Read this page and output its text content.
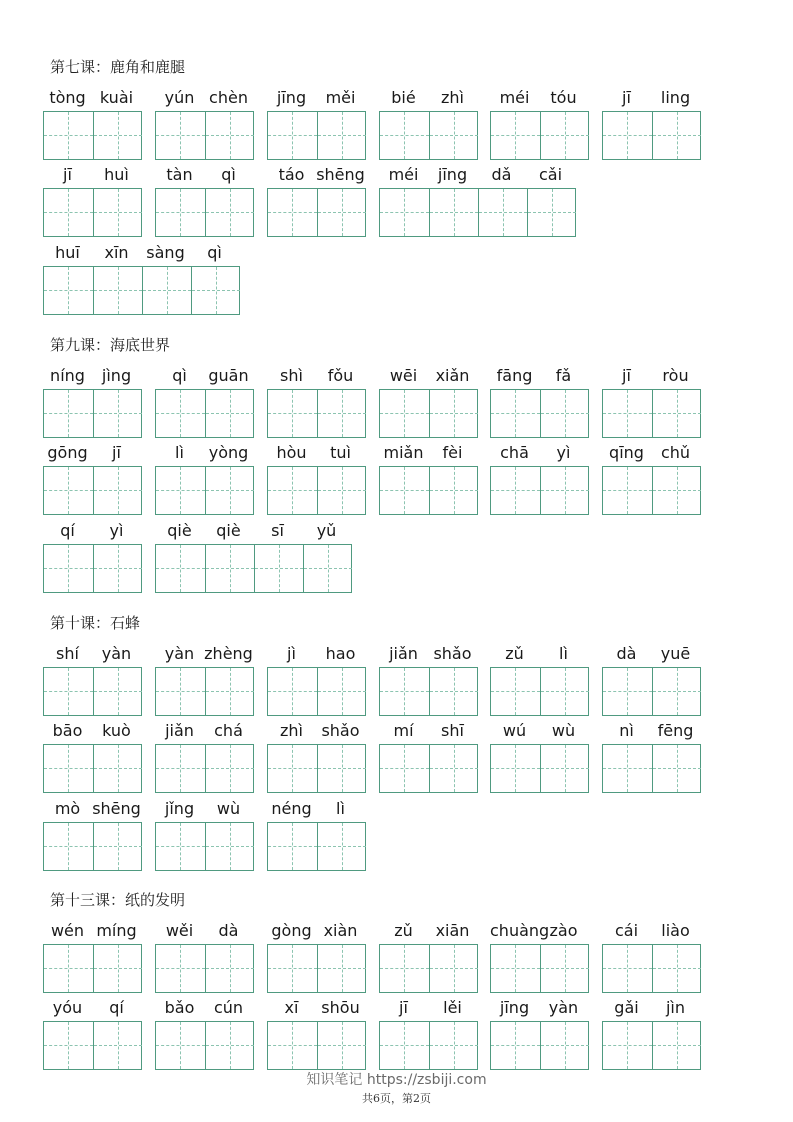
第七课：鹿角和鹿腿
tòng kuài	yún chèn	jīng	měi	bié	zhì	méi	tóu	jī	ling
jī	huì	tàn	qì	táo shēng	méi	jīng	dǎ	cǎi
huī	xīn	sàng	qì
第九课：海底世界
níng	jìng	qì	guān	shì	fǒu	wēi	xiǎn	fāng	fǎ	jī	ròu
gōng	jī	lì	yòng	hòu	tuì	miǎn	fèi	chā	yì	qīng	chǔ
qí	yì	qiè	qiè	sī	yǔ
第十课：石蜂
shí	yàn	yàn zhèng	jì	hao	jiǎn shǎo	zǔ	lì	dà	yuē
bāo	kuò	jiǎn	chá	zhì	shǎo	mí	shī	wú	wù	nì	fēng
mò shēng	jǐng	wù	néng	lì
第十三课：纸的发明
wén míng	wěi	dà	gòng xiàn	zǔ	xiān	chuàng zào	cái	liào
yóu	qí	bǎo	cún	xī	shōu	jī	lěi	jīng	yàn	gǎi	jìn
知识笔记 https://zsbiji.com
共6页，第2页
